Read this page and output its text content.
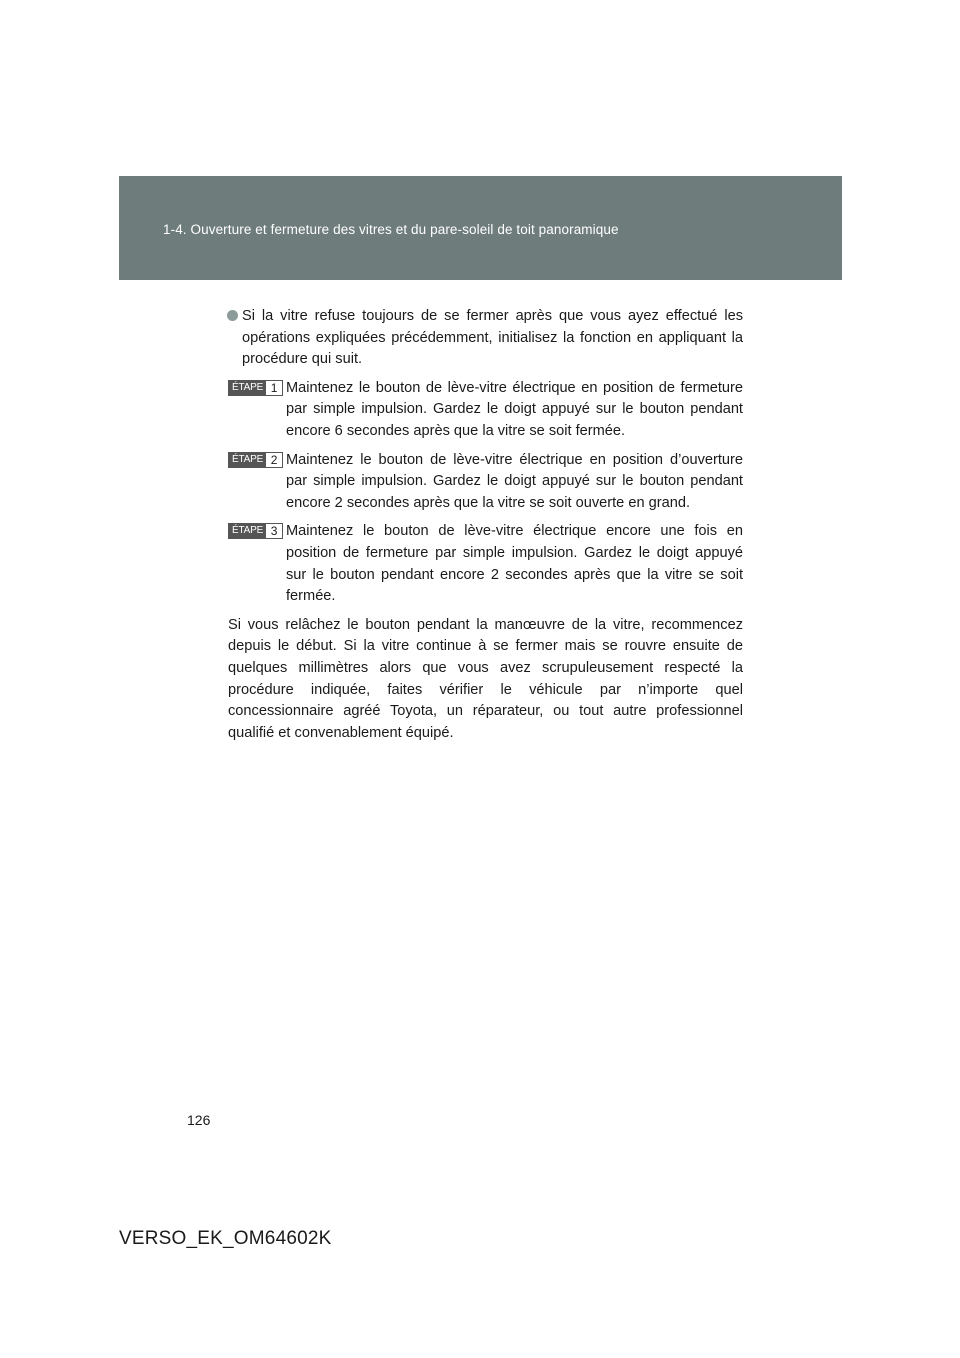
1-4. Ouverture et fermeture des vitres et du pare-soleil de toit panoramique

Si la vitre refuse toujours de se fermer après que vous ayez effectué les opérations expliquées précédemment, initialisez la fonction en appliquant la procédure qui suit.

ÉTAPE 1 Maintenez le bouton de lève-vitre électrique en position de fermeture par simple impulsion. Gardez le doigt appuyé sur le bouton pendant encore 6 secondes après que la vitre se soit fermée.

ÉTAPE 2 Maintenez le bouton de lève-vitre électrique en position d’ouverture par simple impulsion. Gardez le doigt appuyé sur le bouton pendant encore 2 secondes après que la vitre se soit ouverte en grand.

ÉTAPE 3 Maintenez le bouton de lève-vitre électrique encore une fois en position de fermeture par simple impulsion. Gardez le doigt appuyé sur le bouton pendant encore 2 secondes après que la vitre se soit fermée.

Si vous relâchez le bouton pendant la manœuvre de la vitre, recommencez depuis le début. Si la vitre continue à se fermer mais se rouvre ensuite de quelques millimètres alors que vous avez scrupuleusement respecté la procédure indiquée, faites vérifier le véhicule par n’importe quel concessionnaire agréé Toyota, un réparateur, ou tout autre professionnel qualifié et convenablement équipé.

126
VERSO_EK_OM64602K
